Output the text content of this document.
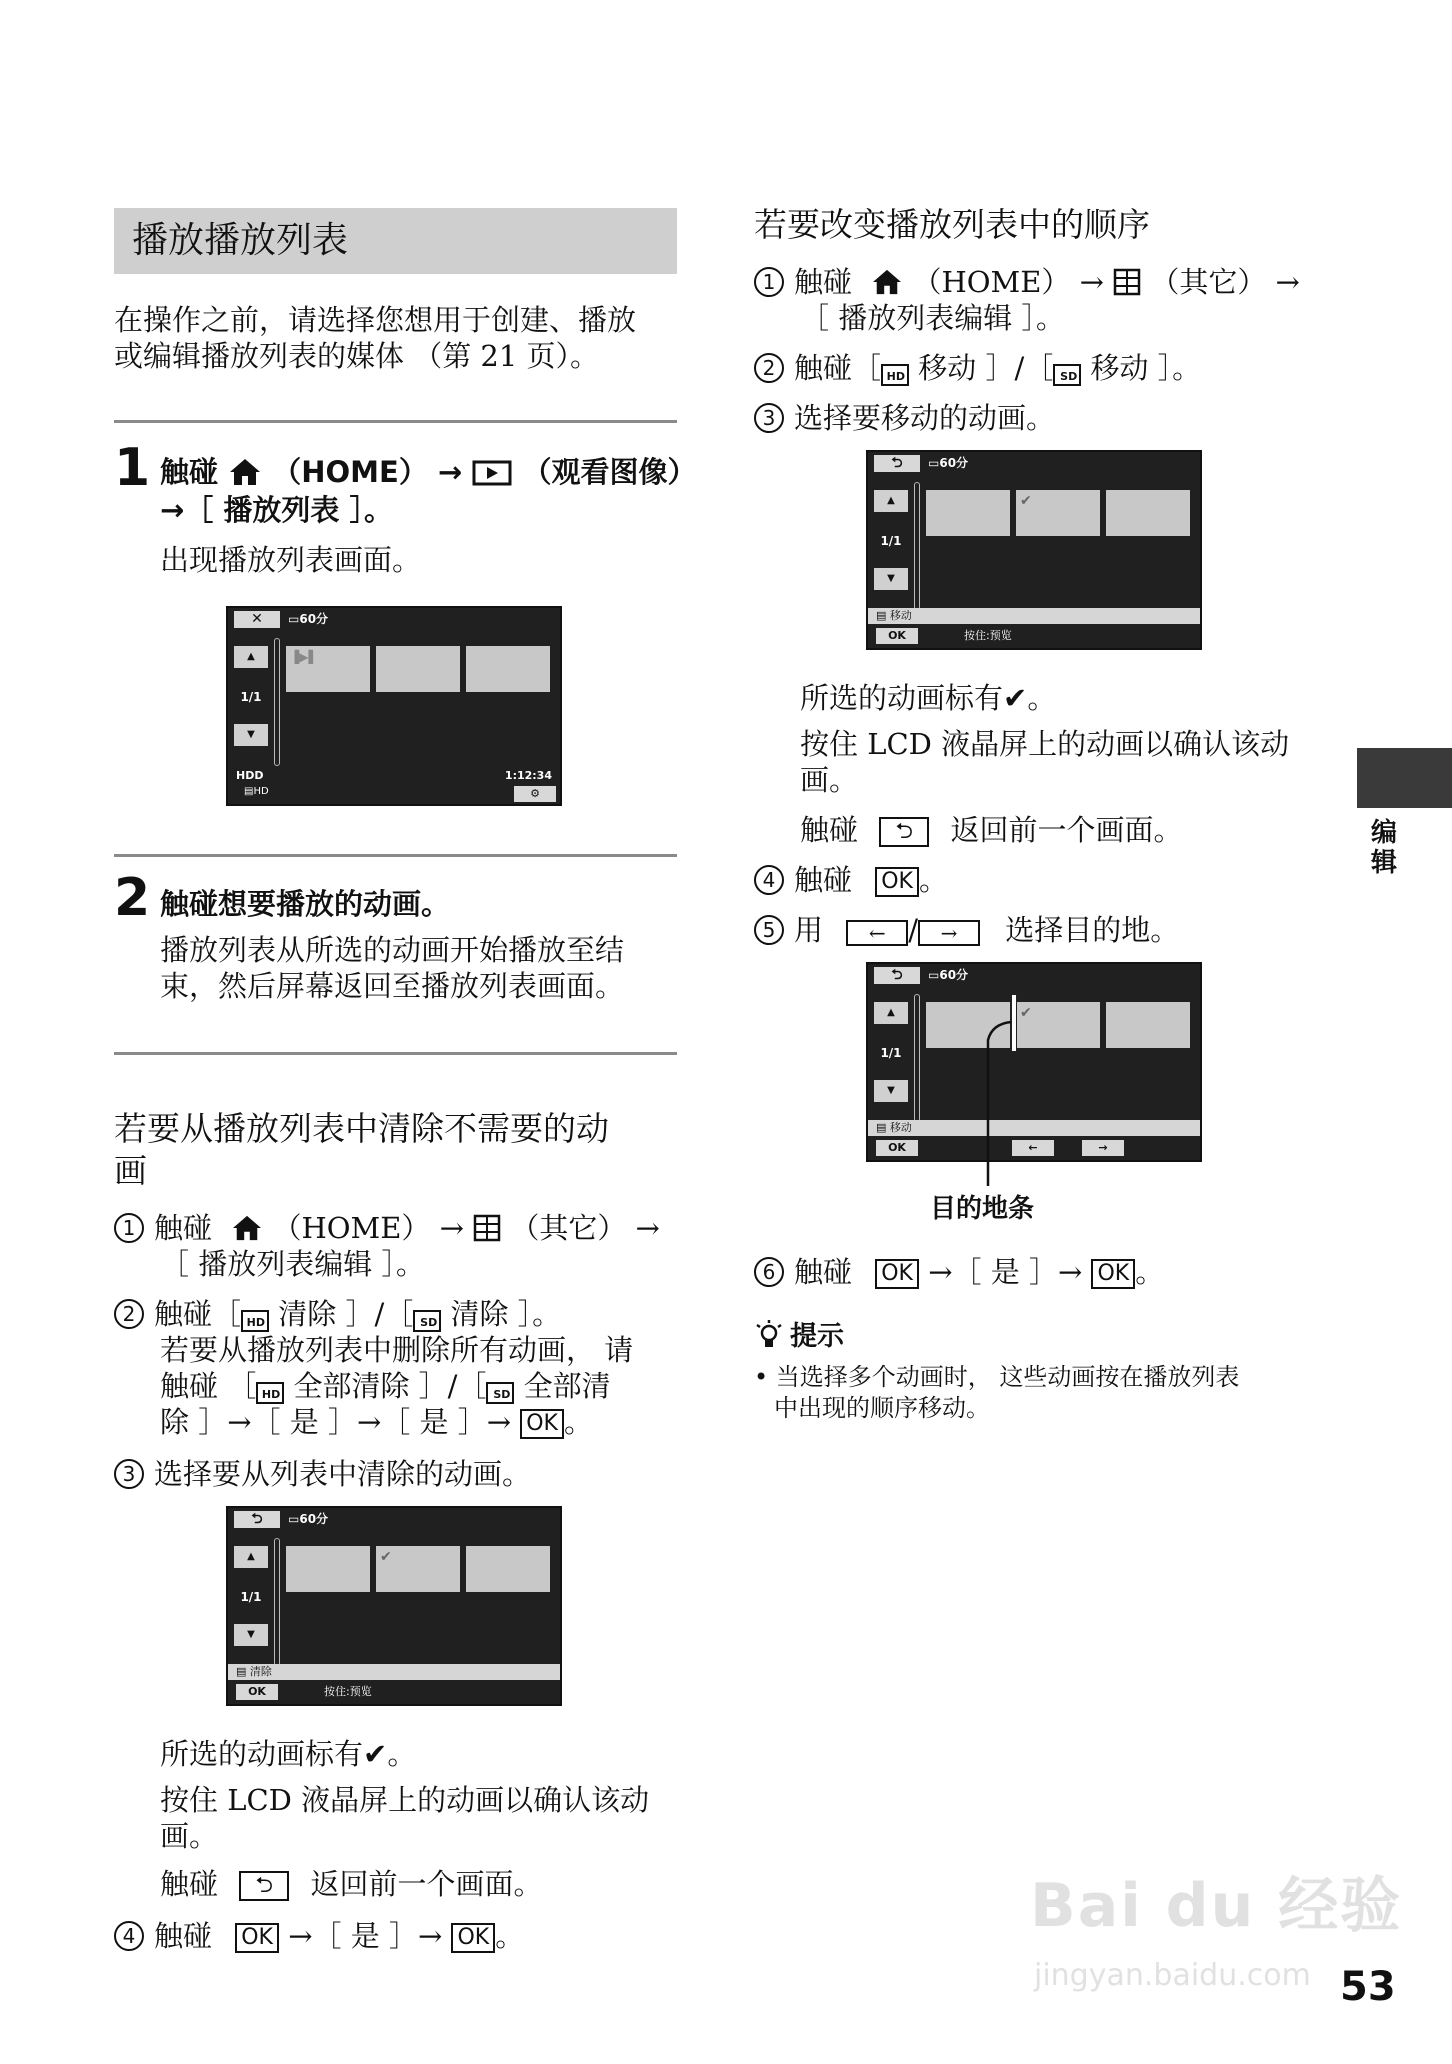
播放播放列表
在操作之前，请选择您想用于创建、播放
或编辑播放列表的媒体 （第 21 页）。
1 触碰 （HOME） → （观看图像）
→［ 播放列表 ］。
出现播放列表画面。
✕	▭60分
▲
1/1
▼
▐▶▌
HDD	1:12:34
▤HD	⚙
2 触碰想要播放的动画。
播放列表从所选的动画开始播放至结
束，然后屏幕返回至播放列表画面。
若要从播放列表中清除不需要的动
画
1 触碰 （HOME） → （其它） →
［ 播放列表编辑 ］。
2 触碰［ HD 清除 ］/［ SD 清除 ］。
若要从播放列表中删除所有动画， 请
触碰 ［ HD 全部清除 ］/［ SD 全部清
除 ］→［ 是 ］→［ 是 ］→ OK 。
3 选择要从列表中清除的动画。
⮌	▭60分
▲
1/1
▼
✔
▤ 清除
OK	按住:预览
所选的动画标有✔。
按住 LCD 液晶屏上的动画以确认该动
画。
触碰 ⮌ 返回前一个画面。
4 触碰 OK →［ 是 ］→ OK 。
若要改变播放列表中的顺序
1 触碰 （HOME） → （其它） →
［ 播放列表编辑 ］。
2 触碰［ HD 移动 ］/［ SD 移动 ］。
3 选择要移动的动画。
⮌	▭60分
▲
1/1
▼
✔
▤ 移动
OK	按住:预览
所选的动画标有✔。
按住 LCD 液晶屏上的动画以确认该动
画。
触碰 ⮌ 返回前一个画面。
4 触碰 OK 。
5 用 ← / → 选择目的地。
⮌	▭60分
▲
1/1
▼
✔
▤ 移动
OK	←	→
目的地条
6 触碰 OK →［ 是 ］→ OK 。
提示
• 当选择多个动画时， 这些动画按在播放列表
中出现的顺序移动。
编辑
Bai du 经验
jingyan.baidu.com 53
